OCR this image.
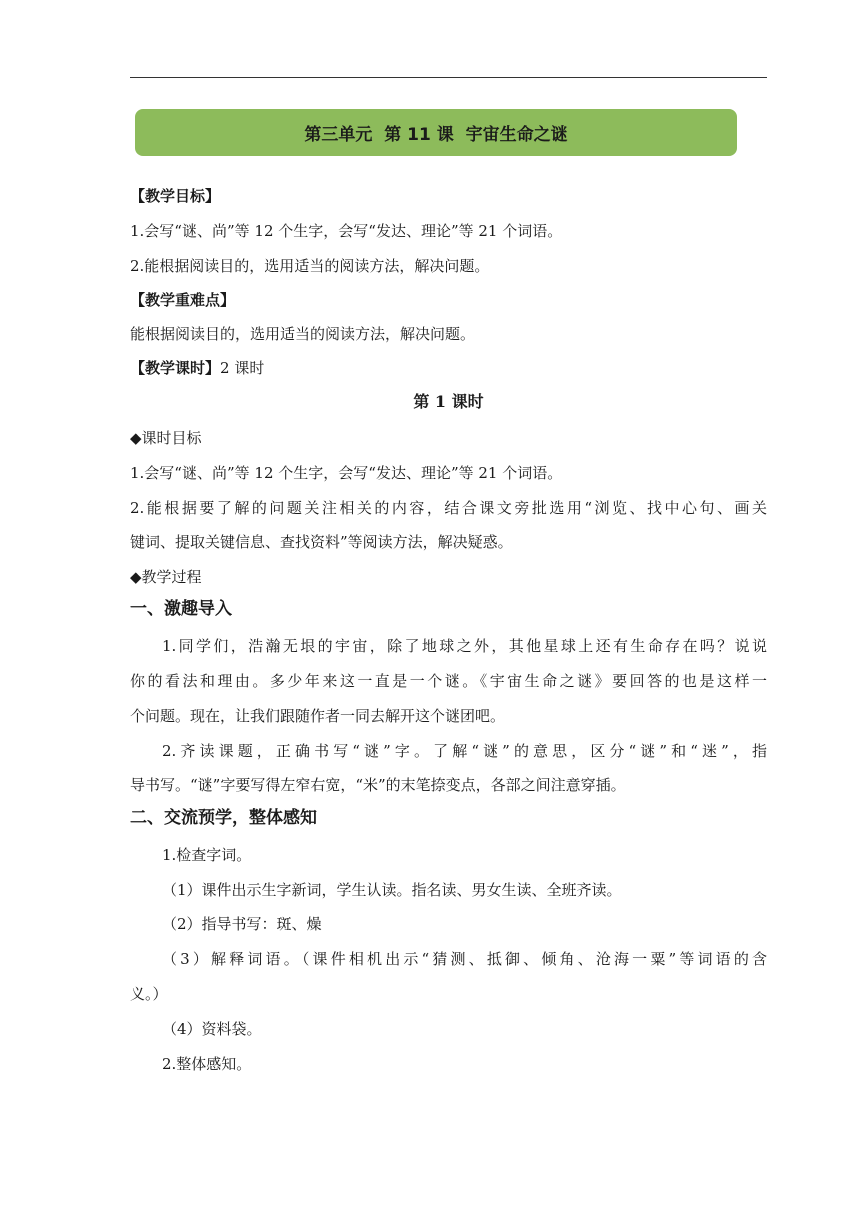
第三单元  第 11 课  宇宙生命之谜
【教学目标】
1.会写“谜、尚”等 12 个生字，会写“发达、理论”等 21 个词语。
2.能根据阅读目的，选用适当的阅读方法，解决问题。
【教学重难点】
能根据阅读目的，选用适当的阅读方法，解决问题。
【教学课时】2 课时
第 1 课时
◆课时目标
1.会写“谜、尚”等 12 个生字，会写“发达、理论”等 21 个词语。
2.能根据要了解的问题关注相关的内容，结合课文旁批选用“浏览、找中心句、画关
键词、提取关键信息、查找资料”等阅读方法，解决疑惑。
◆教学过程
一、激趣导入
1.同学们，浩瀚无垠的宇宙，除了地球之外，其他星球上还有生命存在吗？说说
你的看法和理由。多少年来这一直是一个谜。《宇宙生命之谜》要回答的也是这样一
个问题。现在，让我们跟随作者一同去解开这个谜团吧。
2.齐读课题，正确书写“谜”字。了解“谜”的意思，区分“谜”和“迷”，指
导书写。“谜”字要写得左窄右宽，“米”的末笔捺变点，各部之间注意穿插。
二、交流预学，整体感知
1.检查字词。
（1）课件出示生字新词，学生认读。指名读、男女生读、全班齐读。
（2）指导书写：斑、燥
（3）解释词语。（课件相机出示“猜测、抵御、倾角、沧海一粟”等词语的含
义。）
（4）资料袋。
2.整体感知。
